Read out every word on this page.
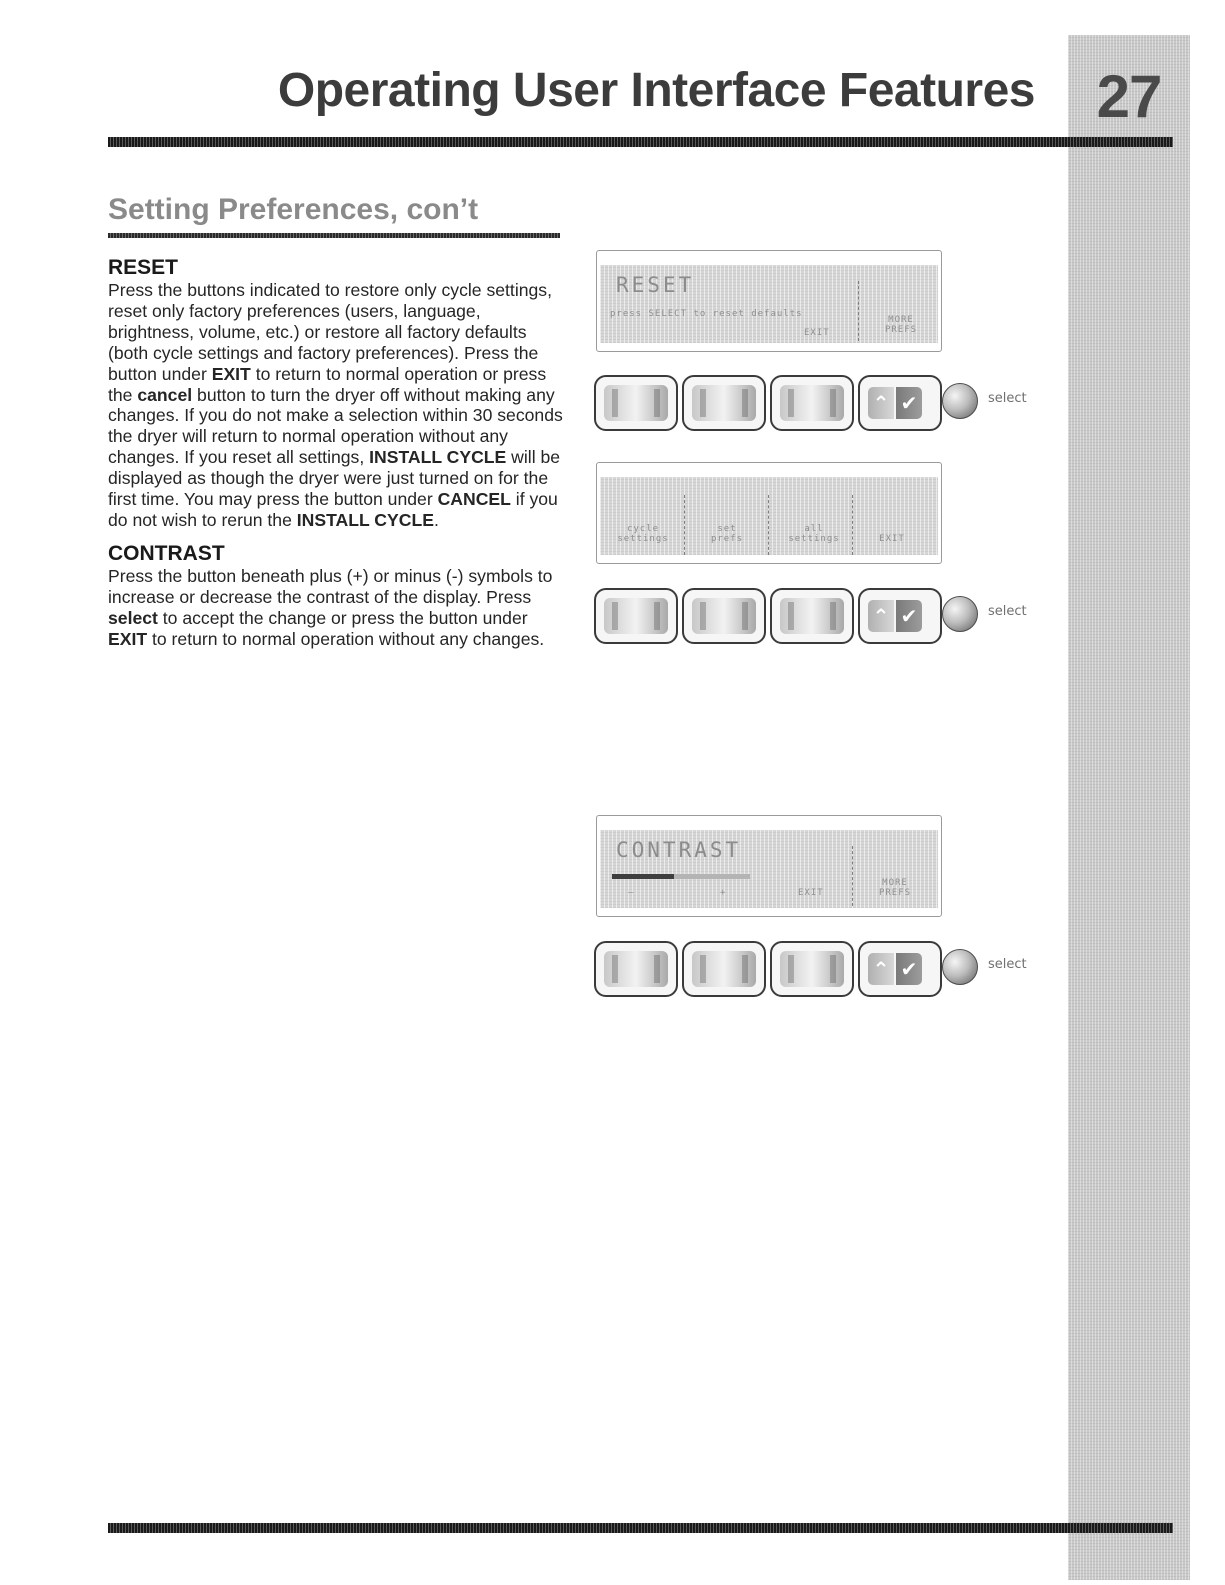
27
Operating User Interface Features
Setting Preferences, con’t
RESET

Press the buttons indicated to restore only cycle settings, reset only factory preferences (users, language, brightness, volume, etc.) or restore all factory defaults (both cycle settings and factory preferences). Press the button under EXIT to return to normal operation or press the cancel button to turn the dryer off without making any changes. If you do not make a selection within 30 seconds the dryer will return to normal operation without any changes. If you reset all settings, INSTALL CYCLE will be displayed as though the dryer were just turned on for the first time. You may press the button under CANCEL if you do not wish to rerun the INSTALL CYCLE.

CONTRAST

Press the button beneath plus (+) or minus (-) symbols to increase or decrease the contrast of the display. Press select to accept the change or press the button under EXIT to return to normal operation without any changes.

RESET
press SELECT to reset defaults
EXIT
MORE
PREFS
⌃ ✔	select
cycle
settings
set
prefs
all
settings	EXIT
⌃ ✔	select
CONTRAST
–	+	EXIT
MORE
PREFS
⌃ ✔	select
